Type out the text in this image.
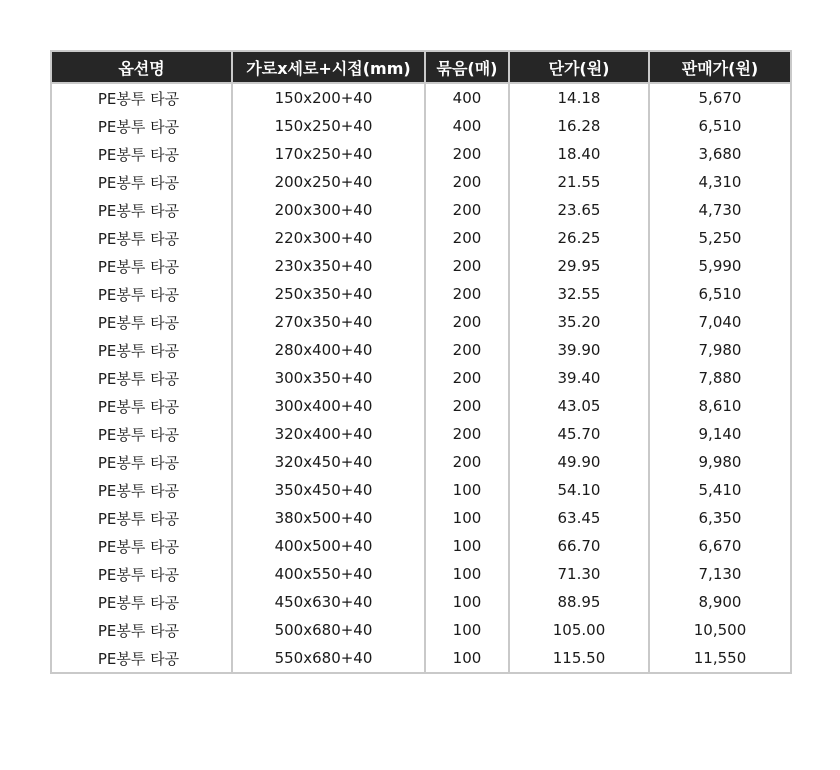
옵션명	가로x세로+시접(mm)	묶음(매)	단가(원)	판매가(원)
PE봉투 타공	150x200+40	400	14.18	5,670
PE봉투 타공	150x250+40	400	16.28	6,510
PE봉투 타공	170x250+40	200	18.40	3,680
PE봉투 타공	200x250+40	200	21.55	4,310
PE봉투 타공	200x300+40	200	23.65	4,730
PE봉투 타공	220x300+40	200	26.25	5,250
PE봉투 타공	230x350+40	200	29.95	5,990
PE봉투 타공	250x350+40	200	32.55	6,510
PE봉투 타공	270x350+40	200	35.20	7,040
PE봉투 타공	280x400+40	200	39.90	7,980
PE봉투 타공	300x350+40	200	39.40	7,880
PE봉투 타공	300x400+40	200	43.05	8,610
PE봉투 타공	320x400+40	200	45.70	9,140
PE봉투 타공	320x450+40	200	49.90	9,980
PE봉투 타공	350x450+40	100	54.10	5,410
PE봉투 타공	380x500+40	100	63.45	6,350
PE봉투 타공	400x500+40	100	66.70	6,670
PE봉투 타공	400x550+40	100	71.30	7,130
PE봉투 타공	450x630+40	100	88.95	8,900
PE봉투 타공	500x680+40	100	105.00	10,500
PE봉투 타공	550x680+40	100	115.50	11,550
